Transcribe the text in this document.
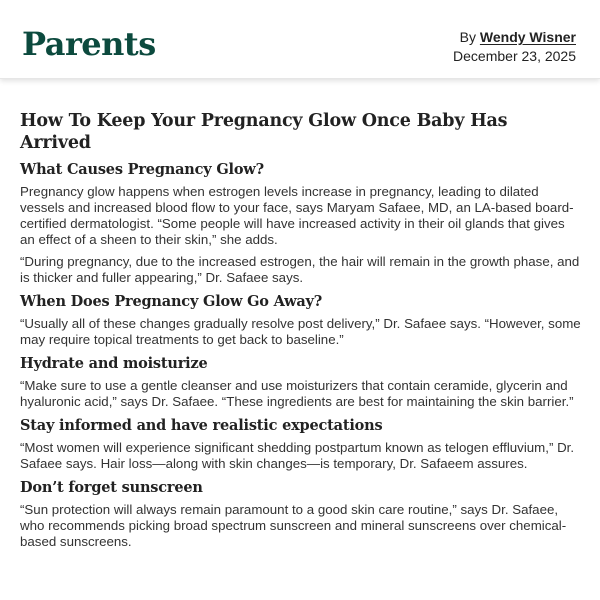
Parents	By Wendy Wisner
December 23, 2025
How To Keep Your Pregnancy Glow Once Baby Has Arrived
What Causes Pregnancy Glow?

Pregnancy glow happens when estrogen levels increase in pregnancy, leading to dilated vessels and increased blood flow to your face, says Maryam Safaee, MD, an LA-based board-certified dermatologist. “Some people will have increased activity in their oil glands that gives an effect of a sheen to their skin,” she adds.

“During pregnancy, due to the increased estrogen, the hair will remain in the growth phase, and is thicker and fuller appearing,” Dr. Safaee says.

When Does Pregnancy Glow Go Away?

“Usually all of these changes gradually resolve post delivery,” Dr. Safaee says. “However, some may require topical treatments to get back to baseline.”

Hydrate and moisturize

“Make sure to use a gentle cleanser and use moisturizers that contain ceramide, glycerin and hyaluronic acid,” says Dr. Safaee. “These ingredients are best for maintaining the skin barrier.”

Stay informed and have realistic expectations

“Most women will experience significant shedding postpartum known as telogen effluvium,” Dr. Safaee says. Hair loss—along with skin changes—is temporary, Dr. Safaeem assures.

Don’t forget sunscreen

“Sun protection will always remain paramount to a good skin care routine,” says Dr. Safaee, who recommends picking broad spectrum sunscreen and mineral sunscreens over chemical-based sunscreens.
